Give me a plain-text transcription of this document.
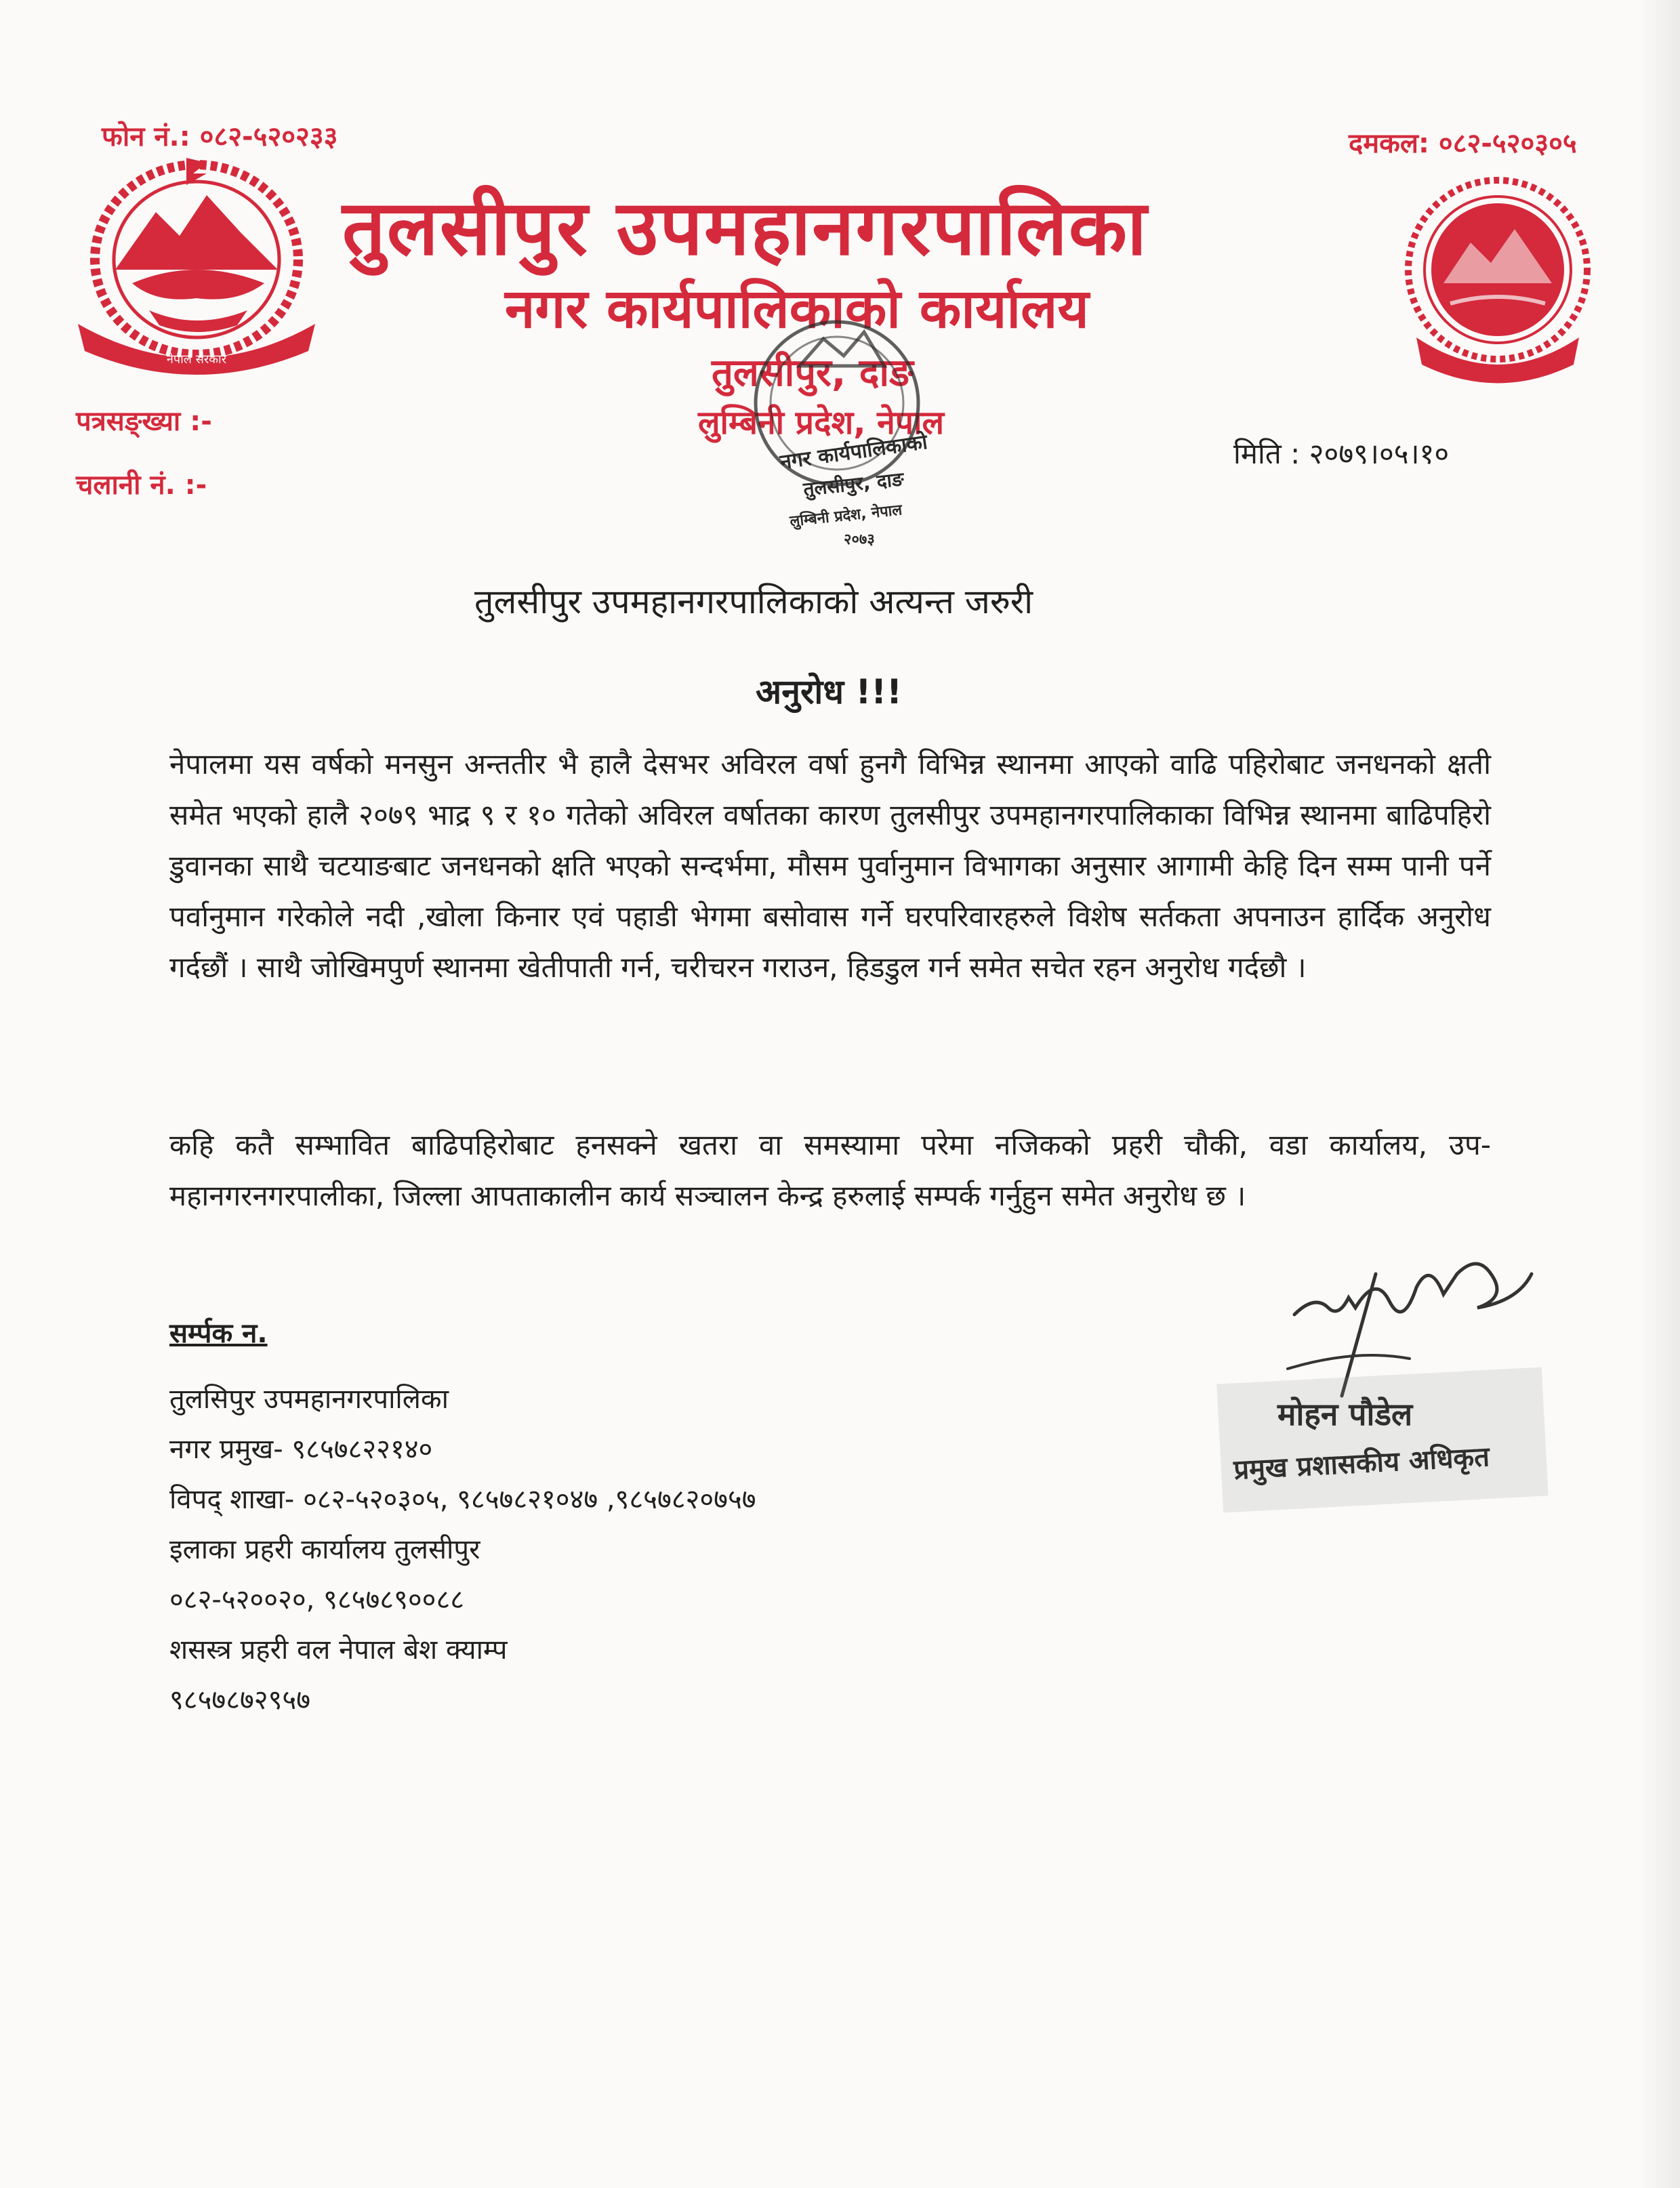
फोन नं.: ०८२-५२०२३३	दमकल: ०८२-५२०३०५
नेपाल सरकार
तुलसीपुर उपमहानगरपालिका
नगर कार्यपालिकाको कार्यालय
तुलसीपुर, दाङ
लुम्बिनी प्रदेश, नेपाल
नगर कार्यपालिकाको
तुलसीपुर, दाङ
लुम्बिनी प्रदेश, नेपाल
२०७३
पत्रसङ्ख्या :-
चलानी नं. :-
मिति : २०७९।०५।१०
तुलसीपुर उपमहानगरपालिकाको अत्यन्त जरुरी
अनुरोध !!!
नेपालमा यस वर्षको मनसुन अन्ततीर भै हालै देसभर अविरल वर्षा हुनगै विभिन्न स्थानमा आएको वाढि पहिरोबाट जनधनको क्षती समेत भएको हालै २०७९ भाद्र ९ र १० गतेको अविरल वर्षातका कारण तुलसीपुर उपमहानगरपालिकाका विभिन्न स्थानमा बाढिपहिरो डुवानका साथै चटयाङबाट जनधनको क्षति भएको सन्दर्भमा, मौसम पुर्वानुमान विभागका अनुसार आगामी केहि दिन सम्म पानी पर्ने पर्वानुमान गरेकोले नदी ,खोला किनार एवं पहाडी भेगमा बसोवास गर्ने घरपरिवारहरुले विशेष सर्तकता अपनाउन हार्दिक अनुरोध गर्दछौं । साथै जोखिमपुर्ण स्थानमा खेतीपाती गर्न, चरीचरन गराउन, हिडडुल गर्न समेत सचेत रहन अनुरोध गर्दछौ ।
कहि कतै सम्भावित बाढिपहिरोबाट हनसक्ने खतरा वा समस्यामा परेमा नजिकको प्रहरी चौकी, वडा कार्यालय, उप-महानगरनगरपालीका, जिल्ला आपताकालीन कार्य सञ्चालन केन्द्र हरुलाई सम्पर्क गर्नुहुन समेत अनुरोध छ ।
सर्म्पक न.
तुलसिपुर उपमहानगरपालिका
नगर प्रमुख- ९८५७८२२१४०
विपद् शाखा- ०८२-५२०३०५, ९८५७८२१०४७ ,९८५७८२०७५७
इलाका प्रहरी कार्यालय तुलसीपुर
०८२-५२००२०, ९८५७८९००८८
शसस्त्र प्रहरी वल नेपाल बेश क्याम्प
९८५७८७२९५७
मोहन पौडेल
प्रमुख प्रशासकीय अधिकृत
